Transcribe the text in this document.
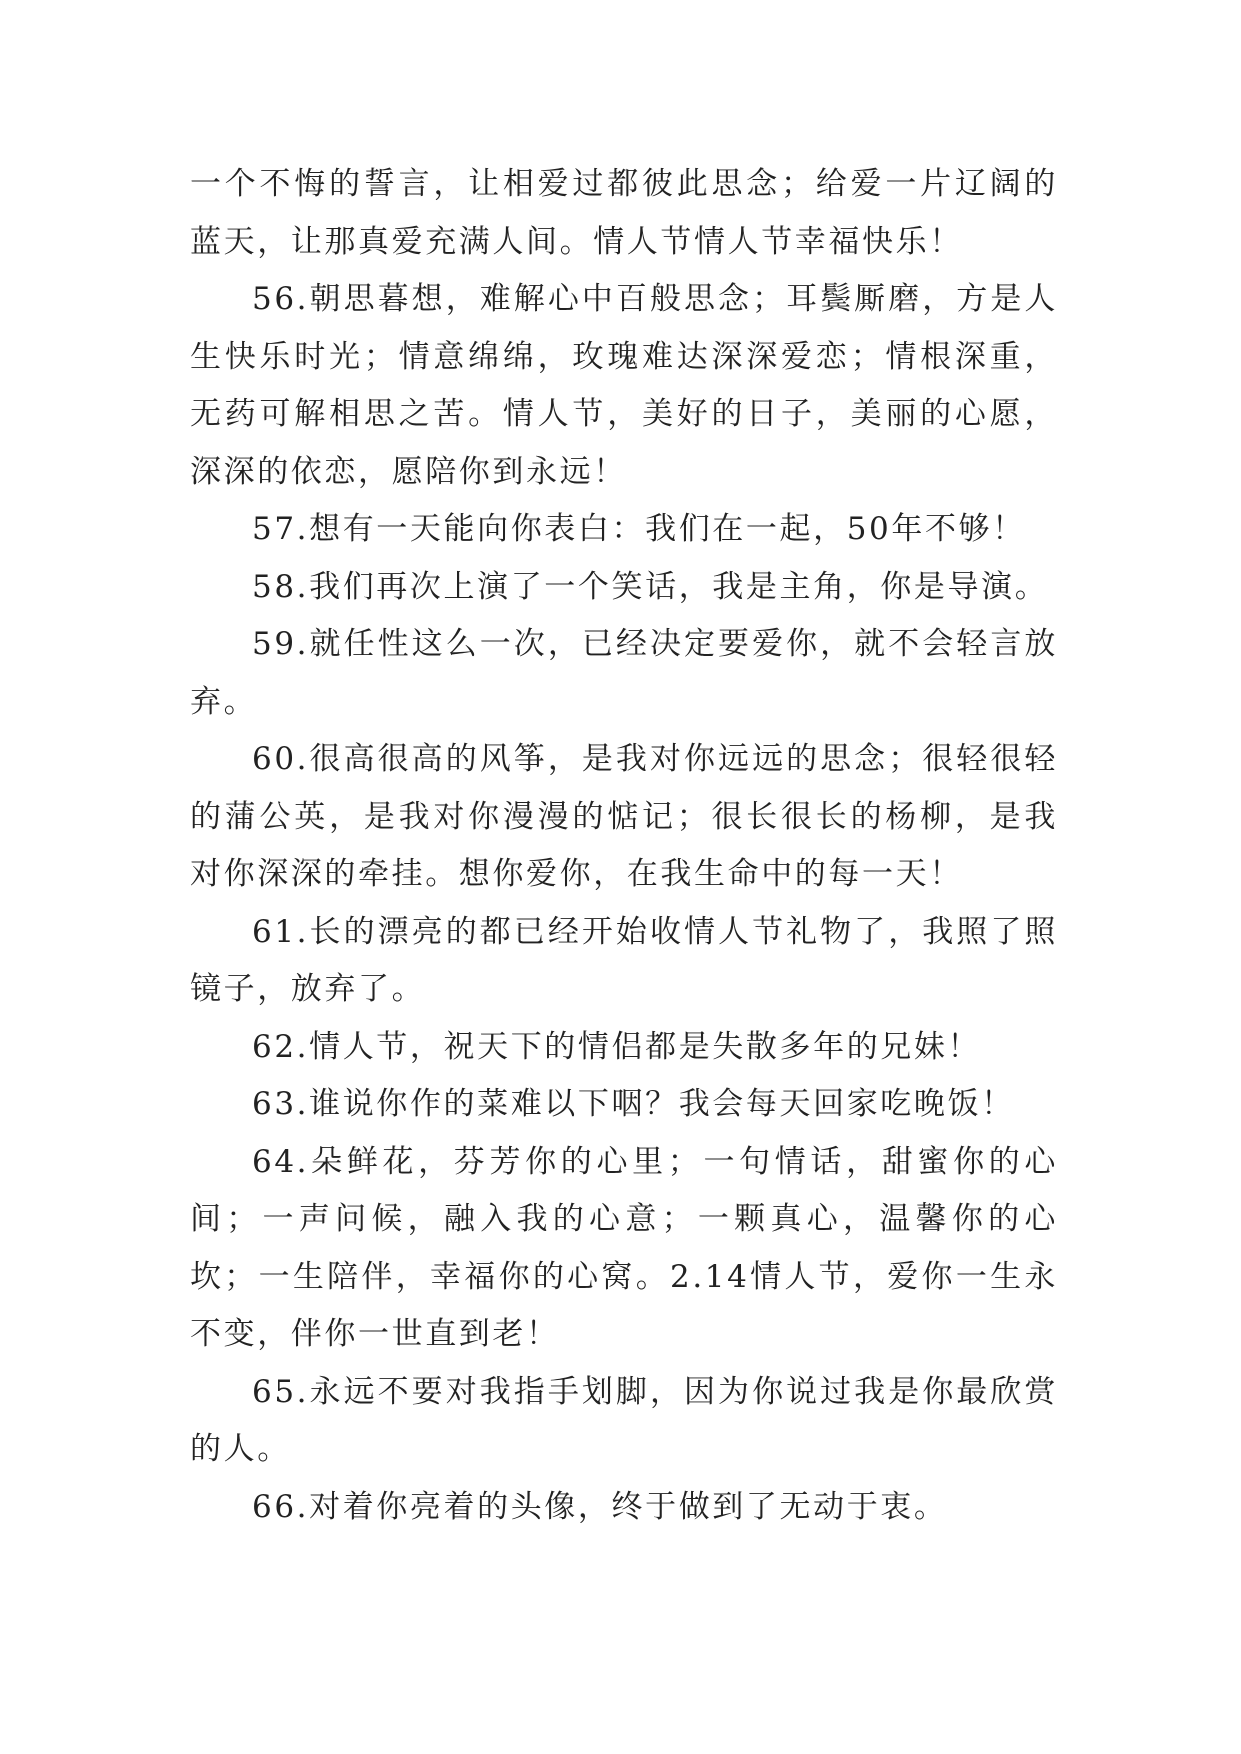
一个不悔的誓言，让相爱过都彼此思念；给爱一片辽阔的蓝天，让那真爱充满人间。情人节情人节幸福快乐！

56.朝思暮想，难解心中百般思念；耳鬓厮磨，方是人生快乐时光；情意绵绵，玫瑰难达深深爱恋；情根深重，无药可解相思之苦。情人节，美好的日子，美丽的心愿，深深的依恋，愿陪你到永远！

57.想有一天能向你表白：我们在一起，50年不够！

58.我们再次上演了一个笑话，我是主角，你是导演。

59.就任性这么一次，已经决定要爱你，就不会轻言放弃。

60.很高很高的风筝，是我对你远远的思念；很轻很轻的蒲公英，是我对你漫漫的惦记；很长很长的杨柳，是我对你深深的牵挂。想你爱你，在我生命中的每一天！

61.长的漂亮的都已经开始收情人节礼物了，我照了照镜子，放弃了。

62.情人节，祝天下的情侣都是失散多年的兄妹！

63.谁说你作的菜难以下咽？我会每天回家吃晚饭！

64.朵鲜花，芬芳你的心里；一句情话，甜蜜你的心间；一声问候，融入我的心意；一颗真心，温馨你的心坎；一生陪伴，幸福你的心窝。2.14情人节，爱你一生永不变，伴你一世直到老！

65.永远不要对我指手划脚，因为你说过我是你最欣赏的人。

66.对着你亮着的头像，终于做到了无动于衷。
